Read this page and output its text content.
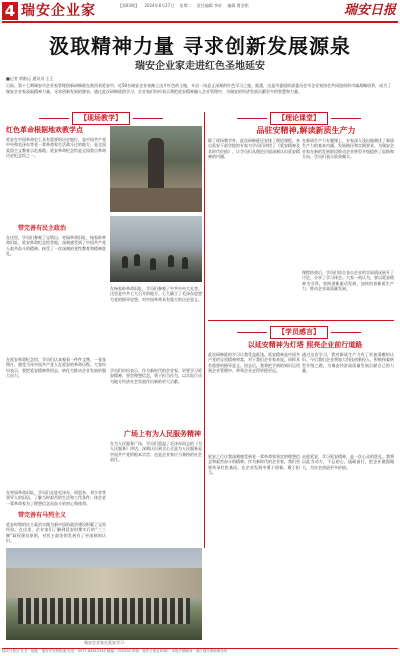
4 瑞安企业家	【第83期】 2024年8月27日 星期二 责任编辑 李轩 编辑 曹金铭	瑞安日报
汲取精神力量 寻求创新发展源泉
瑞安企业家走进红色圣地延安
■记者 黄皓运 通讯员 王王
日前，第十七期瑞安市企业家管理创新研修班在陕西省延安市，近50名瑞安企业家踏上这片红色的土地，开启一场意义深刻的红色学习之旅。据悉，这是市委组织部委员会市企业家协会共同组织的市属战略培养，成为了瑞安企业家汲取精神力量，寻求创新发展的源泉，通过此次研修班的学习，企业家们纷纷表示将把延安精神融入企业管理中，为瑞安的经济发展贡献更多的智慧和力量。
【现场教学】
红色革命根据地欢教学点
延安在中国革命史上具有重要的历史地位，是中国共产党中央和毛泽东等老一辈革命家生活战斗过的地方，是全国爱国主义教育示范基地。延安革命纪念馆是全国重点革命历史纪念馆之一。
带完善有民主政治
在这里，学员们参观了宝塔山、枣园革命旧址、杨家岭革命旧址、延安革命纪念馆等地，深刻感受到了中国共产党人艰苦奋斗的精神，接受了一次深刻的党性教育和精神洗礼。
在延安革命纪念馆，学员们认真观看一件件文物、一张张照片，感受当年中国共产党人在延安的革命历程。大家纷纷表示，要把延安精神带回去，转化为推动企业发展的强大动力。
带完善有马列主义
在枣园革命旧址，学员们走进毛泽东、周恩来、刘少奇等领导人的旧居，了解当时艰苦的生活和工作条件，体会老一辈革命家为了理想信念而奋斗的初心和使命。
延安时期的民主政治实践为新中国的政治建设积累了宝贵经验。在这里，企业家们了解到延安时期实行的“三三制”政权建设原则，对民主政治的发展有了更深刻的认识。
在杨家岭革命旧址，学员们参观了中共中央大礼堂，这里是中共七大召开的地方。七大确立了毛泽东思想为党的指导思想，对中国革命具有重大的历史意义。
学员们纷纷表示，作为新时代的企业家，更要学习延安精神，坚定理想信念，勇于担当作为，以实际行动为地方经济社会发展作出新的更大贡献。
广场上有为人民服务精神
在为人民服务广场，学员们重温了毛泽东同志的《为人民服务》讲话，深刻认识到全心全意为人民服务是中国共产党的根本宗旨，也是企业家应当秉持的社会责任。
【理论课堂】
品驻安精神,解读新质生产力
除了现场教学外，此次研修班还安排了理论课程。来自延安干部学院的专家为学员们讲授了《延安精神及其时代价值》，让学员们从理论层面深刻认识延安精神的内涵。
在新质生产力专题课上，专家深入浅出地阐述了新质生产力的基本内涵、发展路径和实践要求，为瑞安企业家在新的发展阶段推动企业转型升级提供了思路和方向。学员们表示收获颇丰。
课程结束后，学员们结合各自企业的实际情况展开了讨论，分享了学习体会。大家一致认为，要以延安精神为引领，坚持创新驱动发展，加快培育新质生产力，推动企业高质量发展。
【学员感言】
以延安精神为灯塔 照亮企业前行道路
此次研修班的学习让我受益匪浅。延安精神是中国共产党的宝贵精神财富，对于我们企业家来说，同样具有重要的指导意义。回去后，我将把学到的知识运用到企业管理中，带领企业走得更稳更远。
延安之行让我深刻感受到老一辈革命家坚定的理想信念和艰苦奋斗的精神。作为新时代的企业家，我们更要传承红色基因，在企业发展中勇于创新，敢于担当。
通过这次学习，我对新质生产力有了更加清晰的认识。今后我们企业将加大科技创新投入，积极探索转型升级之路，为瑞安经济高质量发展贡献自己的力量。
走进延安，学习延安精神，是一次心灵的洗礼。我将以此为动力，不忘初心，砥砺前行，把企业做强做大，为社会创造更多价值。
瑞安企业家在延安学习
瑞安日报社·社长：地址：瑞安市安阳街道 电话：0577-65812345 邮编：325200 印刷：瑞安日报社印刷厂 本报法律顾问：浙江瑞安律师事务所
